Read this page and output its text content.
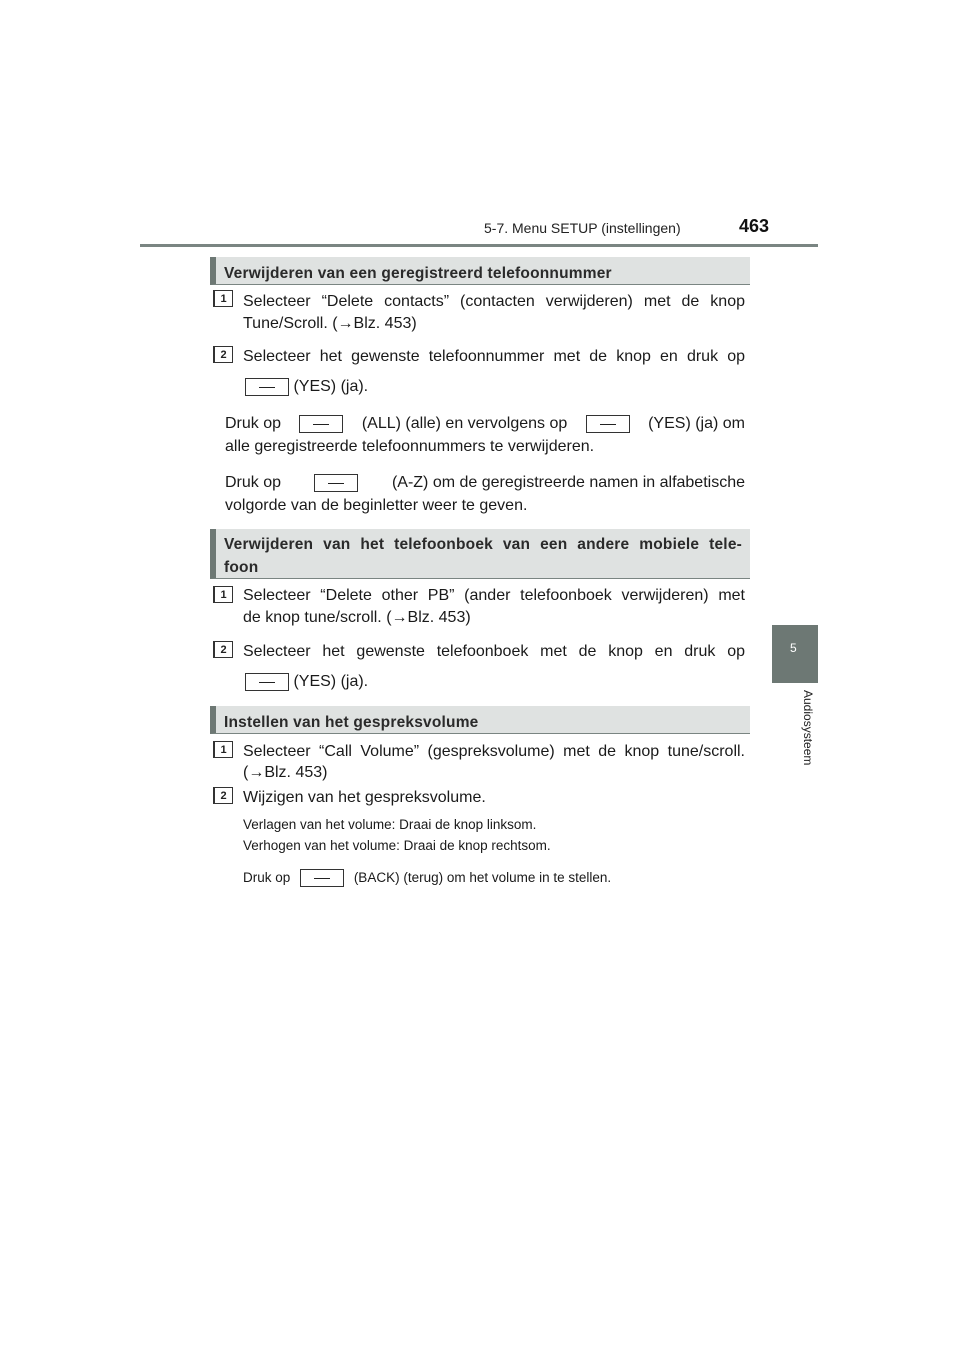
5-7. Menu SETUP (instellingen)	463
5
Audiosysteem
Verwijderen van een geregistreerd telefoonnummer
1	Selecteer “Delete contacts” (contacten verwijderen) met de knop
Tune/Scroll. (→Blz. 453)
2	Selecteer het gewenste telefoonnummer met de knop en druk op
(YES) (ja).
Druk op	(ALL) (alle) en vervolgens op	(YES) (ja) om
alle geregistreerde telefoonnummers te verwijderen.
Druk op	(A-Z) om de geregistreerde namen in alfabetische
volgorde van de beginletter weer te geven.
Verwijderen van het telefoonboek van een andere mobiele tele-
foon
1	Selecteer “Delete other PB” (ander telefoonboek verwijderen) met
de knop tune/scroll. (→Blz. 453)
2	Selecteer het gewenste telefoonboek met de knop en druk op
(YES) (ja).
Instellen van het gespreksvolume
1	Selecteer “Call Volume” (gespreksvolume) met de knop tune/scroll.
(→Blz. 453)
2	Wijzigen van het gespreksvolume.
Verlagen van het volume: Draai de knop linksom.
Verhogen van het volume: Draai de knop rechtsom.
Druk op	(BACK) (terug) om het volume in te stellen.
